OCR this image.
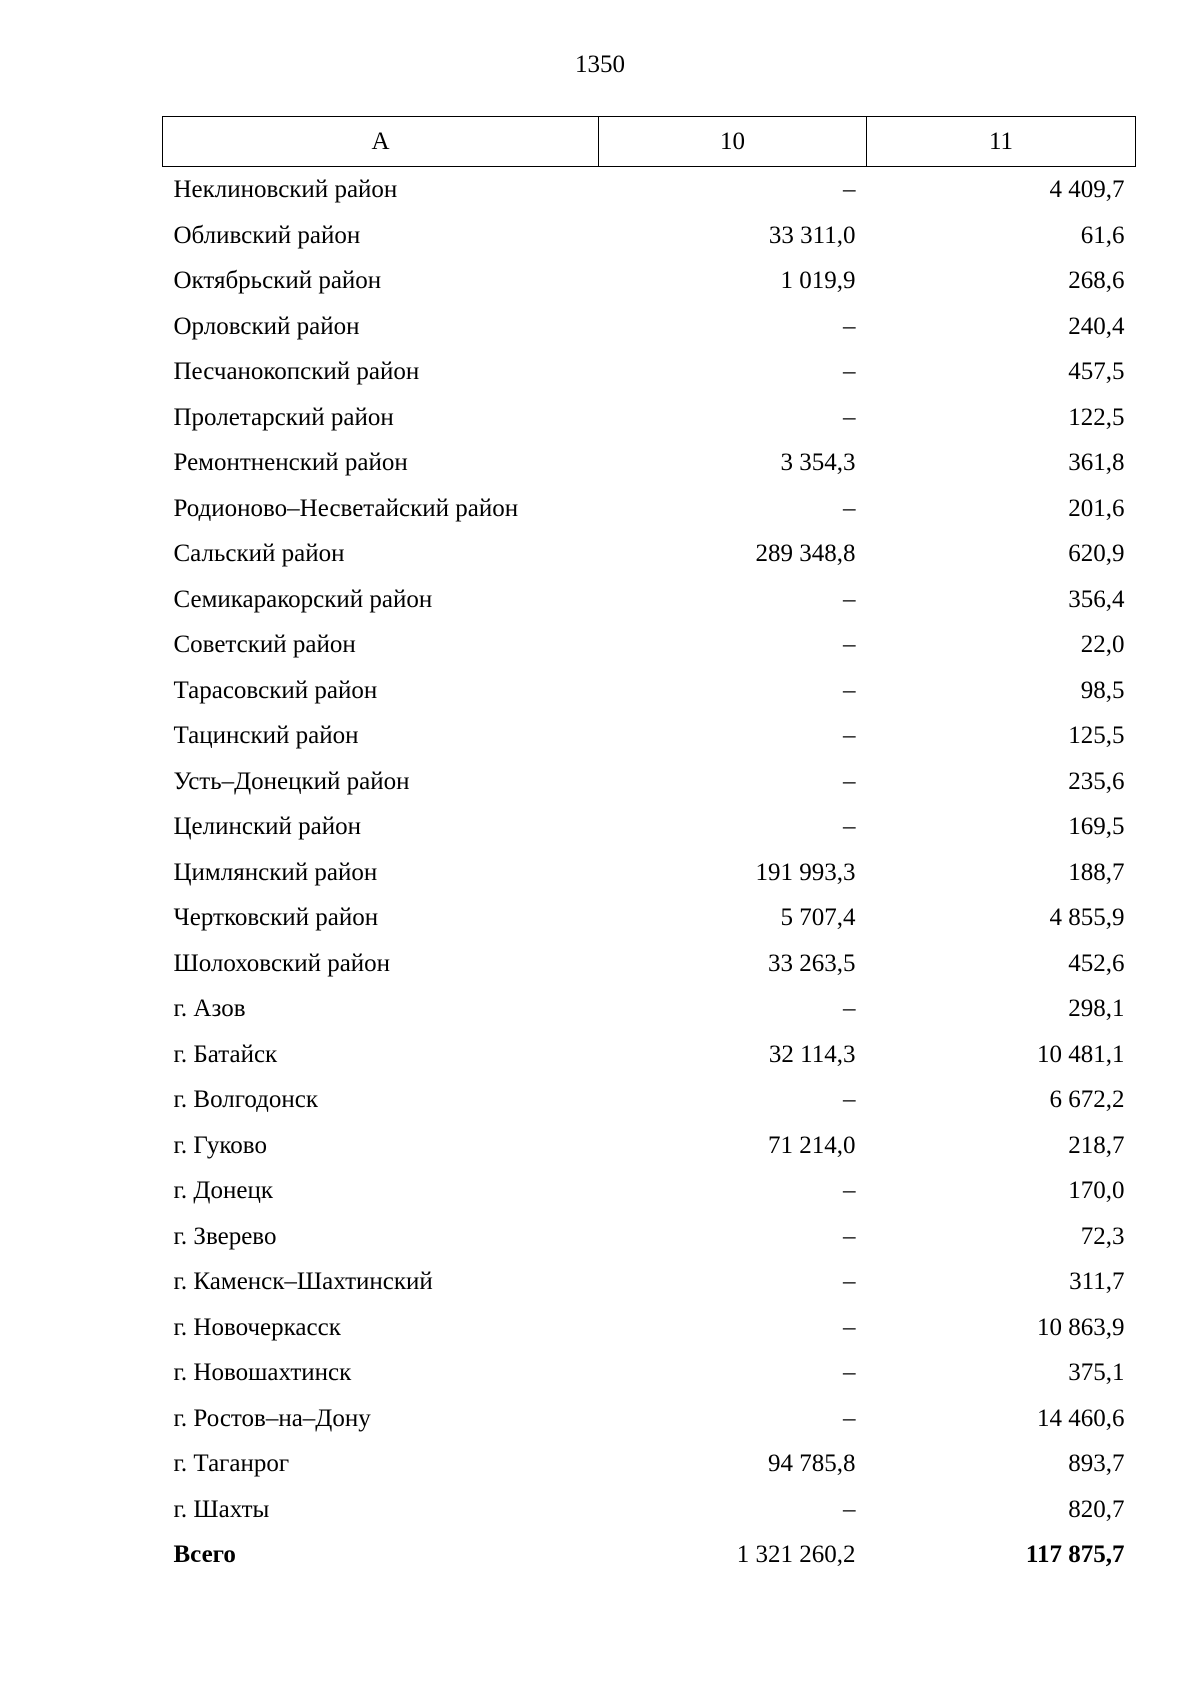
1350
А	10	11
Неклиновский район	–	4 409,7
Обливский район	33 311,0	61,6
Октябрьский район	1 019,9	268,6
Орловский район	–	240,4
Песчанокопский район	–	457,5
Пролетарский район	–	122,5
Ремонтненский район	3 354,3	361,8
Родионово–Несветайский район	–	201,6
Сальский район	289 348,8	620,9
Семикаракорский район	–	356,4
Советский район	–	22,0
Тарасовский район	–	98,5
Тацинский район	–	125,5
Усть–Донецкий район	–	235,6
Целинский район	–	169,5
Цимлянский район	191 993,3	188,7
Чертковский район	5 707,4	4 855,9
Шолоховский район	33 263,5	452,6
г. Азов	–	298,1
г. Батайск	32 114,3	10 481,1
г. Волгодонск	–	6 672,2
г. Гуково	71 214,0	218,7
г. Донецк	–	170,0
г. Зверево	–	72,3
г. Каменск–Шахтинский	–	311,7
г. Новочеркасск	–	10 863,9
г. Новошахтинск	–	375,1
г. Ростов–на–Дону	–	14 460,6
г. Таганрог	94 785,8	893,7
г. Шахты	–	820,7
Всего	1 321 260,2	117 875,7
